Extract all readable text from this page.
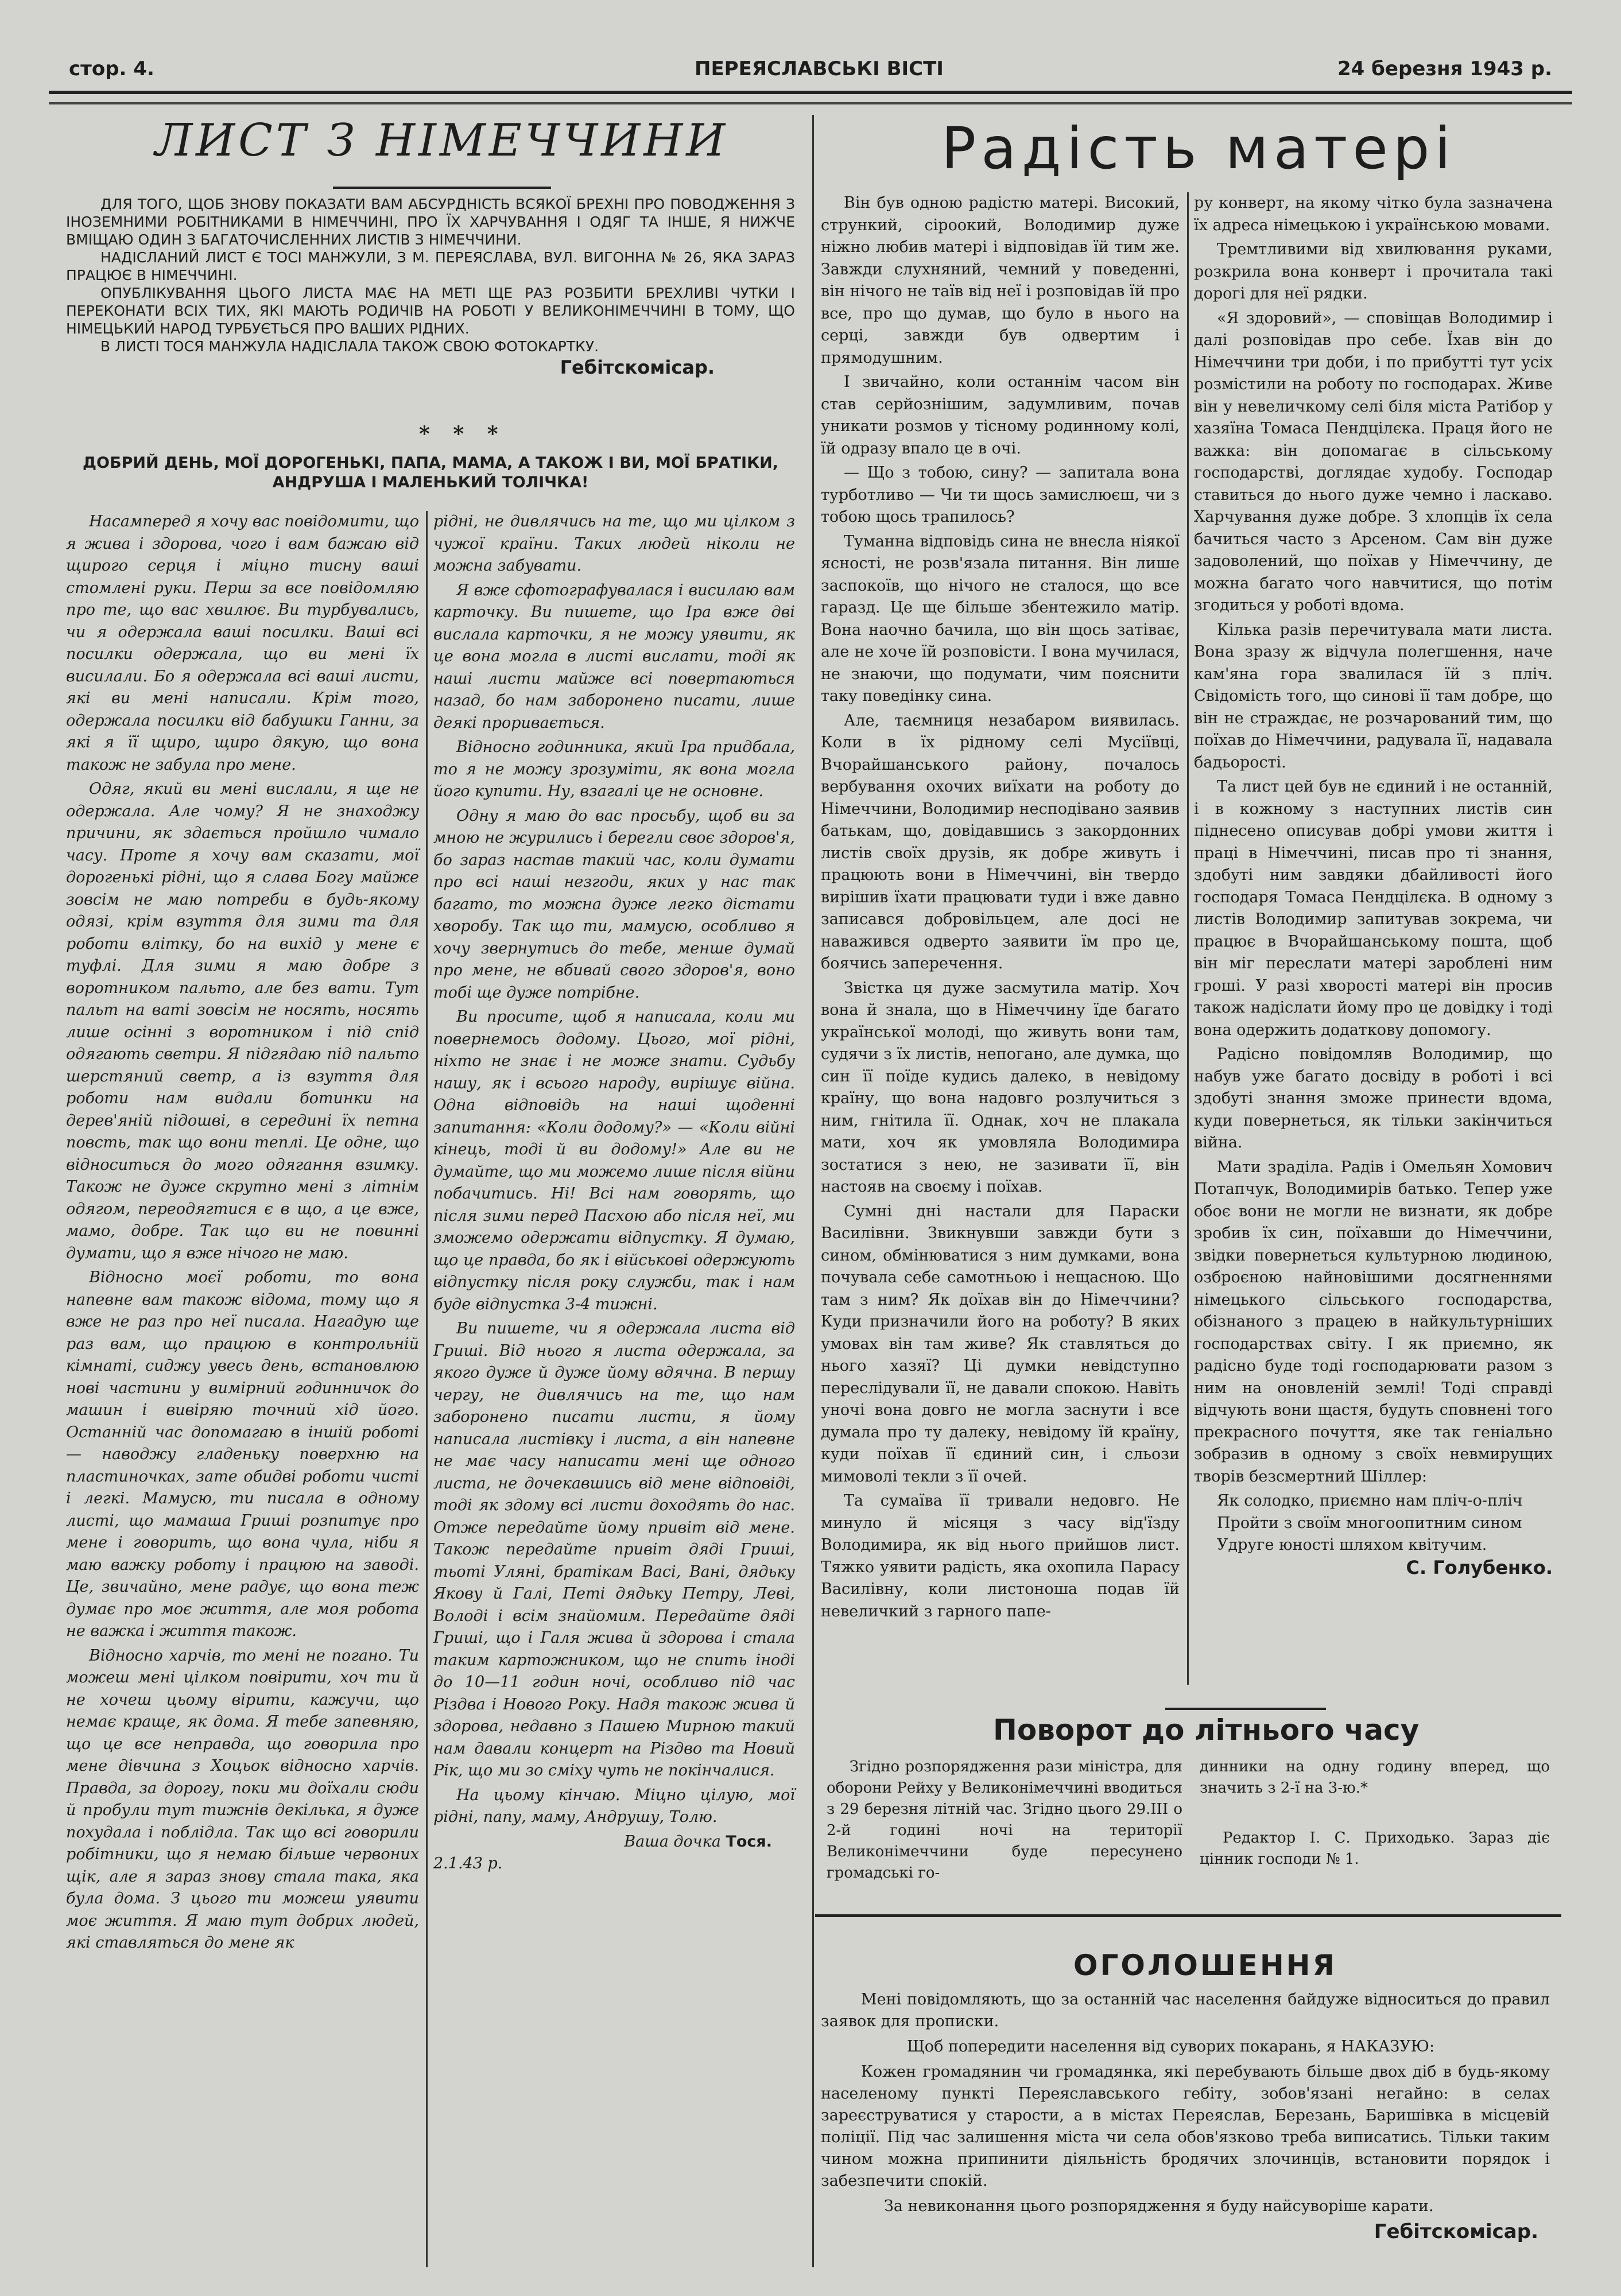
стор. 4.	ПЕРЕЯСЛАВСЬКІ ВІСТІ	24 березня 1943 р.
ЛИСТ З НІМЕЧЧИНИ

ДЛЯ ТОГО, ЩОБ ЗНОВУ ПОКАЗАТИ ВАМ АБСУРДНІСТЬ ВСЯКОЇ БРЕХНІ ПРО ПОВОДЖЕННЯ З ІНОЗЕМНИМИ РОБІТНИКАМИ В НІМЕЧЧИНІ, ПРО ЇХ ХАРЧУВАННЯ І ОДЯГ ТА ІНШЕ, Я НИЖЧЕ ВМІЩАЮ ОДИН З БАГАТОЧИСЛЕННИХ ЛИСТІВ З НІМЕЧЧИНИ.

НАДІСЛАНИЙ ЛИСТ Є ТОСІ МАНЖУЛИ, З М. ПЕРЕЯСЛАВА, ВУЛ. ВИГОННА № 26, ЯКА ЗАРАЗ ПРАЦЮЄ В НІМЕЧЧИНІ.

ОПУБЛІКУВАННЯ ЦЬОГО ЛИСТА МАЄ НА МЕТІ ЩЕ РАЗ РОЗБИТИ БРЕХЛИВІ ЧУТКИ І ПЕРЕКОНАТИ ВСІХ ТИХ, ЯКІ МАЮТЬ РОДИЧІВ НА РОБОТІ У ВЕЛИКОНІМЕЧЧИНІ В ТОМУ, ЩО НІМЕЦЬКИЙ НАРОД ТУРБУЄТЬСЯ ПРО ВАШИХ РІДНИХ.

В ЛИСТІ ТОСЯ МАНЖУЛА НАДІСЛАЛА ТАКОЖ СВОЮ ФОТОКАРТКУ.

Гебітскомісар.
* * *
ДОБРИЙ ДЕНЬ, МОЇ ДОРОГЕНЬКІ, ПАПА, МАМА, А ТАКОЖ І ВИ, МОЇ БРАТІКИ, АНДРУША І МАЛЕНЬКИЙ ТОЛІЧКА!

Насамперед я хочу вас повідомити, що я жива і здорова, чого і вам бажаю від щирого серця і міцно тисну ваші стомлені руки. Перш за все повідомляю про те, що вас хвилює. Ви турбувались, чи я одержала ваші посилки. Ваші всі посилки одержала, що ви мені їх висилали. Бо я одержала всі ваші листи, які ви мені написали. Крім того, одержала посилки від бабушки Ганни, за які я її щиро, щиро дякую, що вона також не забула про мене.

Одяг, який ви мені вислали, я ще не одержала. Але чому? Я не знаходжу причини, як здається пройшло чимало часу. Проте я хочу вам сказати, мої дорогенькі рідні, що я слава Богу майже зовсім не маю потреби в будь-якому одязі, крім взуття для зими та для роботи влітку, бо на вихід у мене є туфлі. Для зими я маю добре з воротником пальто, але без вати. Тут пальт на ваті зовсім не носять, носять лише осінні з воротником і під спід одягають светри. Я підгядаю під пальто шерстяний светр, а із взуття для роботи нам видали ботинки на дерев'яній підошві, в середині їх петна повсть, так що вони теплі. Це одне, що відноситься до мого одягання взимку. Також не дуже скрутно мені з літнім одягом, переодягтися є в що, а це вже, мамо, добре. Так що ви не повинні думати, що я вже нічого не маю.

Відносно моєї роботи, то вона напевне вам також відома, тому що я вже не раз про неї писала. Нагадую ще раз вам, що працюю в контрольній кімнаті, сиджу увесь день, встановлюю нові частини у вимірний годинничок до машин і вивіряю точний хід його. Останній час допомагаю в іншій роботі — наводжу гладеньку поверхню на пластиночках, зате обидві роботи чисті і легкі. Мамусю, ти писала в одному листі, що мамаша Гриші розпитує про мене і говорить, що вона чула, ніби я маю важку роботу і працюю на заводі. Це, звичайно, мене радує, що вона теж думає про моє життя, але моя робота не важка і життя також.

Відносно харчів, то мені не погано. Ти можеш мені цілком повірити, хоч ти й не хочеш цьому вірити, кажучи, що немає краще, як дома. Я тебе запевняю, що це все неправда, що говорила про мене дівчина з Хоцьок відносно харчів. Правда, за дорогу, поки ми доїхали сюди й пробули тут тижнів декілька, я дуже похудала і поблідла. Так що всі говорили робітники, що я немаю більше червоних щік, але я зараз знову стала така, яка була дома. З цього ти можеш уявити моє життя. Я маю тут добрих людей, які ставляться до мене як

рідні, не дивлячись на те, що ми цілком з чужої країни. Таких людей ніколи не можна забувати.

Я вже сфотографувалася і висилаю вам карточку. Ви пишете, що Іра вже дві вислала карточки, я не можу уявити, як це вона могла в листі вислати, тоді як наші листи майже всі повертаються назад, бо нам заборонено писати, лише деякі проривається.

Відносно годинника, який Іра придбала, то я не можу зрозуміти, як вона могла його купити. Ну, взагалі це не основне.

Одну я маю до вас просьбу, щоб ви за мною не журились і берегли своє здоров'я, бо зараз настав такий час, коли думати про всі наші незгоди, яких у нас так багато, то можна дуже легко дістати хворобу. Так що ти, мамусю, особливо я хочу звернутись до тебе, менше думай про мене, не вбивай свого здоров'я, воно тобі ще дуже потрібне.

Ви просите, щоб я написала, коли ми повернемось додому. Цього, мої рідні, ніхто не знає і не може знати. Судьбу нашу, як і всього народу, вирішує війна. Одна відповідь на наші щоденні запитання: «Коли додому?» — «Коли війні кінець, тоді й ви додому!» Але ви не думайте, що ми можемо лише після війни побачитись. Ні! Всі нам говорять, що після зими перед Пасхою або після неї, ми зможемо одержати відпустку. Я думаю, що це правда, бо як і військові одержують відпустку після року служби, так і нам буде відпустка 3-4 тижні.

Ви пишете, чи я одержала листа від Гриші. Від нього я листа одержала, за якого дуже й дуже йому вдячна. В першу чергу, не дивлячись на те, що нам заборонено писати листи, я йому написала листівку і листа, а він напевне не має часу написати мені ще одного листа, не дочекавшись від мене відповіді, тоді як здому всі листи доходять до нас. Отже передайте йому привіт від мене. Також передайте привіт дяді Гриші, тьоті Уляні, братікам Васі, Вані, дядьку Якову й Галі, Петі дядьку Петру, Леві, Володі і всім знайомим. Передайте дяді Гриші, що і Галя жива й здорова і стала таким картожником, що не спить іноді до 10—11 годин ночі, особливо під час Різдва і Нового Року. Надя також жива й здорова, недавно з Пашею Мирною такий нам давали концерт на Різдво та Новий Рік, що ми зо сміху чуть не покінчалися.

На цьому кінчаю. Міцно цілую, мої рідні, папу, маму, Андрушу, Толю.

Ваша дочка Тося.
2.1.43 р.
Радість матері

Він був одною радістю матері. Високий, стрункий, сіроокий, Володимир дуже ніжно любив матері і відповідав їй тим же. Завжди слухняний, чемний у поведенні, він нічого не таїв від неї і розповідав їй про все, про що думав, що було в нього на серці, завжди був одвертим і прямодушним.

І звичайно, коли останнім часом він став серйознішим, задумливим, почав уникати розмов у тісному родинному колі, їй одразу впало це в очі.

— Що з тобою, сину? — запитала вона турботливо — Чи ти щось замислюєш, чи з тобою щось трапилось?

Туманна відповідь сина не внесла ніякої ясності, не розв'язала питання. Він лише заспокоїв, що нічого не сталося, що все гаразд. Це ще більше збентежило матір. Вона наочно бачила, що він щось затіває, але не хоче їй розповісти. І вона мучилася, не знаючи, що подумати, чим пояснити таку поведінку сина.

Але, таємниця незабаром виявилась. Коли в їх рідному селі Мусіївці, Вчорайшанського району, почалось вербування охочих виїхати на роботу до Німеччини, Володимир несподівано заявив батькам, що, довідавшись з закордонних листів своїх друзів, як добре живуть і працюють вони в Німеччині, він твердо вирішив їхати працювати туди і вже давно записався добровільцем, але досі не наважився одверто заявити їм про це, боячись заперечення.

Звістка ця дуже засмутила матір. Хоч вона й знала, що в Німеччину їде багато української молоді, що живуть вони там, судячи з їх листів, непогано, але думка, що син її поїде кудись далеко, в невідому країну, що вона надовго розлучиться з ним, гнітила її. Однак, хоч не плакала мати, хоч як умовляла Володимира зостатися з нею, не зазивати її, він настояв на своєму і поїхав.

Сумні дні настали для Параски Василівни. Звикнувши завжди бути з сином, обмінюватися з ним думками, вона почувала себе самотньою і нещасною. Що там з ним? Як доїхав він до Німеччини? Куди призначили його на роботу? В яких умовах він там живе? Як ставляться до нього хазяї? Ці думки невідступно переслідували її, не давали спокою. Навіть уночі вона довго не могла заснути і все думала про ту далеку, невідому їй країну, куди поїхав її єдиний син, і сльози мимоволі текли з її очей.

Та сумаїва її тривали недовго. Не минуло й місяця з часу від'їзду Володимира, як від нього прийшов лист. Тяжко уявити радість, яка охопила Парасу Василівну, коли листоноша подав їй невеличкий з гарного папе-

ру конверт, на якому чітко була зазначена їх адреса німецькою і українською мовами.

Тремтливими від хвилювання руками, розкрила вона конверт і прочитала такі дорогі для неї рядки.

«Я здоровий», — сповіщав Володимир і далі розповідав про себе. Їхав він до Німеччини три доби, і по прибутті тут усіх розмістили на роботу по господарах. Живе він у невеличкому селі біля міста Ратібор у хазяїна Томаса Пендцілєка. Праця його не важка: він допомагає в сільському господарстві, доглядає худобу. Господар ставиться до нього дуже чемно і ласкаво. Харчування дуже добре. З хлопців їх села бачиться часто з Арсеном. Сам він дуже задоволений, що поїхав у Німеччину, де можна багато чого навчитися, що потім згодиться у роботі вдома.

Кілька разів перечитувала мати листа. Вона зразу ж відчула полегшення, наче кам'яна гора звалилася їй з пліч. Свідомість того, що синові її там добре, що він не страждає, не розчарований тим, що поїхав до Німеччини, радувала її, надавала бадьорості.

Та лист цей був не єдиний і не останній, і в кожному з наступних листів син піднесено описував добрі умови життя і праці в Німеччині, писав про ті знання, здобуті ним завдяки дбайливості його господаря Томаса Пендцілєка. В одному з листів Володимир запитував зокрема, чи працює в Вчорайшанському пошта, щоб він міг переслати матері зароблені ним гроші. У разі хворості матері він просив також надіслати йому про це довідку і тоді вона одержить додаткову допомогу.

Радісно повідомляв Володимир, що набув уже багато досвіду в роботі і всі здобуті знання зможе принести вдома, куди повернеться, як тільки закінчиться війна.

Мати зраділа. Радів і Омельян Хомович Потапчук, Володимирів батько. Тепер уже обоє вони не могли не визнати, як добре зробив їх син, поїхавши до Німеччини, звідки повернеться культурною людиною, озброєною найновішими досягненнями німецького сільського господарства, обізнаного з працею в найкультурніших господарствах світу. І як приємно, як радісно буде тоді господарювати разом з ним на оновленій землі! Тоді справді відчують вони щастя, будуть сповнені того прекрасного почуття, яке так геніально зобразив в одному з своїх невмирущих творів безсмертний Шіллер:

Як солодко, приємно нам пліч-о-пліч
Пройти з своїм многоопитним сином
Удруге юності шляхом квітучим.
С. Голубенко.
Поворот до літнього часу

Згідно розпорядження рази міністра, для оборони Рейху у Великонімеччині вводиться з 29 березня літній час. Згідно цього 29.III о 2-й годині ночі на території Великонімеччини буде пересунено громадські го-

динники на одну годину вперед, що значить з 2-ї на 3-ю.*

Редактор І. С. Приходько. Зараз діє цінник господи № 1.

ОГОЛОШЕННЯ

Мені повідомляють, що за останній час населення байдуже відноситься до правил заявок для прописки.

Щоб попередити населення від суворих покарань, я НАКАЗУЮ:

Кожен громадянин чи громадянка, які перебувають більше двох діб в будь-якому населеному пункті Переяславського гебіту, зобов'язані негайно: в селах зареєструватися у старости, а в містах Переяслав, Березань, Баришівка в місцевій поліції. Під час залишення міста чи села обов'язково треба виписатись. Тільки таким чином можна припинити діяльність бродячих злочинців, встановити порядок і забезпечити спокій.

За невиконання цього розпорядження я буду найсуворіше карати.

Гебітскомісар.
